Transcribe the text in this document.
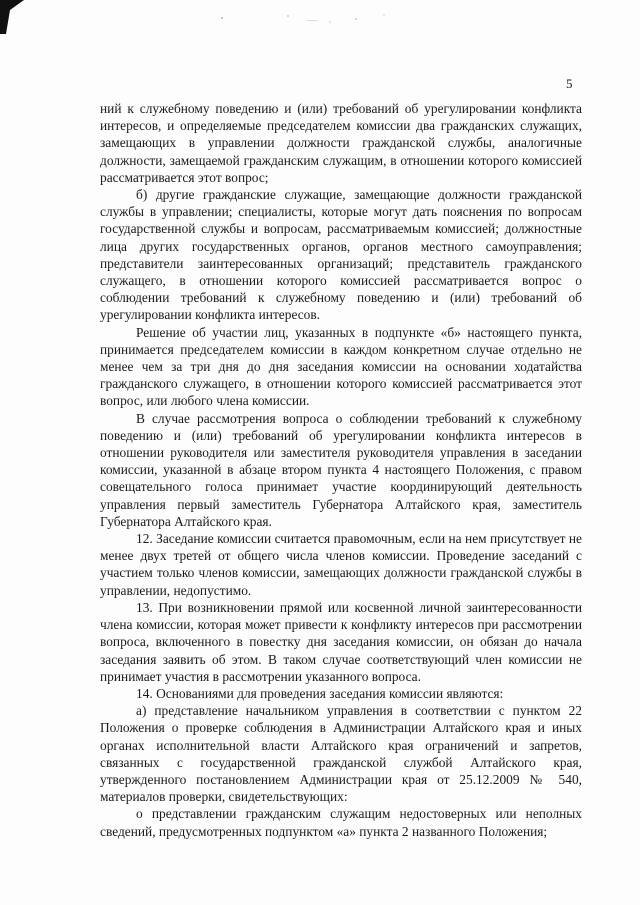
5

ний к служебному поведению и (или) требований об урегулировании конфликта интересов, и определяемые председателем комиссии два гражданских служащих, замещающих в управлении должности гражданской службы, аналогичные должности, замещаемой гражданским служащим, в отношении которого комиссией рассматривается этот вопрос;

б) другие гражданские служащие, замещающие должности гражданской службы в управлении; специалисты, которые могут дать пояснения по вопросам государственной службы и вопросам, рассматриваемым комиссией; должностные лица других государственных органов, органов местного самоуправления; представители заинтересованных организаций; представитель гражданского служащего, в отношении которого комиссией рассматривается вопрос о соблюдении требований к служебному поведению и (или) требований об урегулировании конфликта интересов.

Решение об участии лиц, указанных в подпункте «б» настоящего пункта, принимается председателем комиссии в каждом конкретном случае отдельно не менее чем за три дня до дня заседания комиссии на основании ходатайства гражданского служащего, в отношении которого комиссией рассматривается этот вопрос, или любого члена комиссии.

В случае рассмотрения вопроса о соблюдении требований к служебному поведению и (или) требований об урегулировании конфликта интересов в отношении руководителя или заместителя руководителя управления в заседании комиссии, указанной в абзаце втором пункта 4 настоящего Положения, с правом совещательного голоса принимает участие координирующий деятельность управления первый заместитель Губернатора Алтайского края, заместитель Губернатора Алтайского края.

12. Заседание комиссии считается правомочным, если на нем присутствует не менее двух третей от общего числа членов комиссии. Проведение заседаний с участием только членов комиссии, замещающих должности гражданской службы в управлении, недопустимо.

13. При возникновении прямой или косвенной личной заинтересованности члена комиссии, которая может привести к конфликту интересов при рассмотрении вопроса, включенного в повестку дня заседания комиссии, он обязан до начала заседания заявить об этом. В таком случае соответствующий член комиссии не принимает участия в рассмотрении указанного вопроса.

14. Основаниями для проведения заседания комиссии являются:

а) представление начальником управления в соответствии с пунктом 22 Положения о проверке соблюдения в Администрации Алтайского края и иных органах исполнительной власти Алтайского края ограничений и запретов, связанных с государственной гражданской службой Алтайского края, утвержденного постановлением Администрации края от 25.12.2009 № 540, материалов проверки, свидетельствующих:

о представлении гражданским служащим недостоверных или неполных сведений, предусмотренных подпунктом «а» пункта 2 названного Положения;
